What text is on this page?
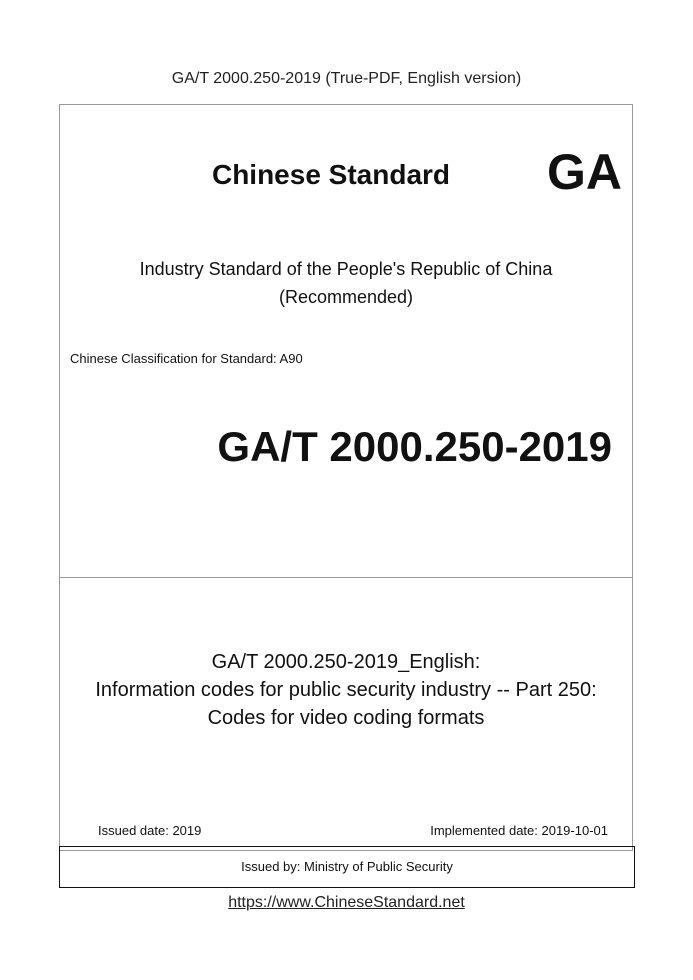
GA/T 2000.250-2019 (True-PDF, English version)
Chinese Standard	GA
Industry Standard of the People's Republic of China
(Recommended)
Chinese Classification for Standard: A90
GA/T 2000.250-2019
GA/T 2000.250-2019_English:
Information codes for public security industry -- Part 250:
Codes for video coding formats
Issued date: 2019	Implemented date: 2019-10-01
Issued by: Ministry of Public Security
https://www.ChineseStandard.net
